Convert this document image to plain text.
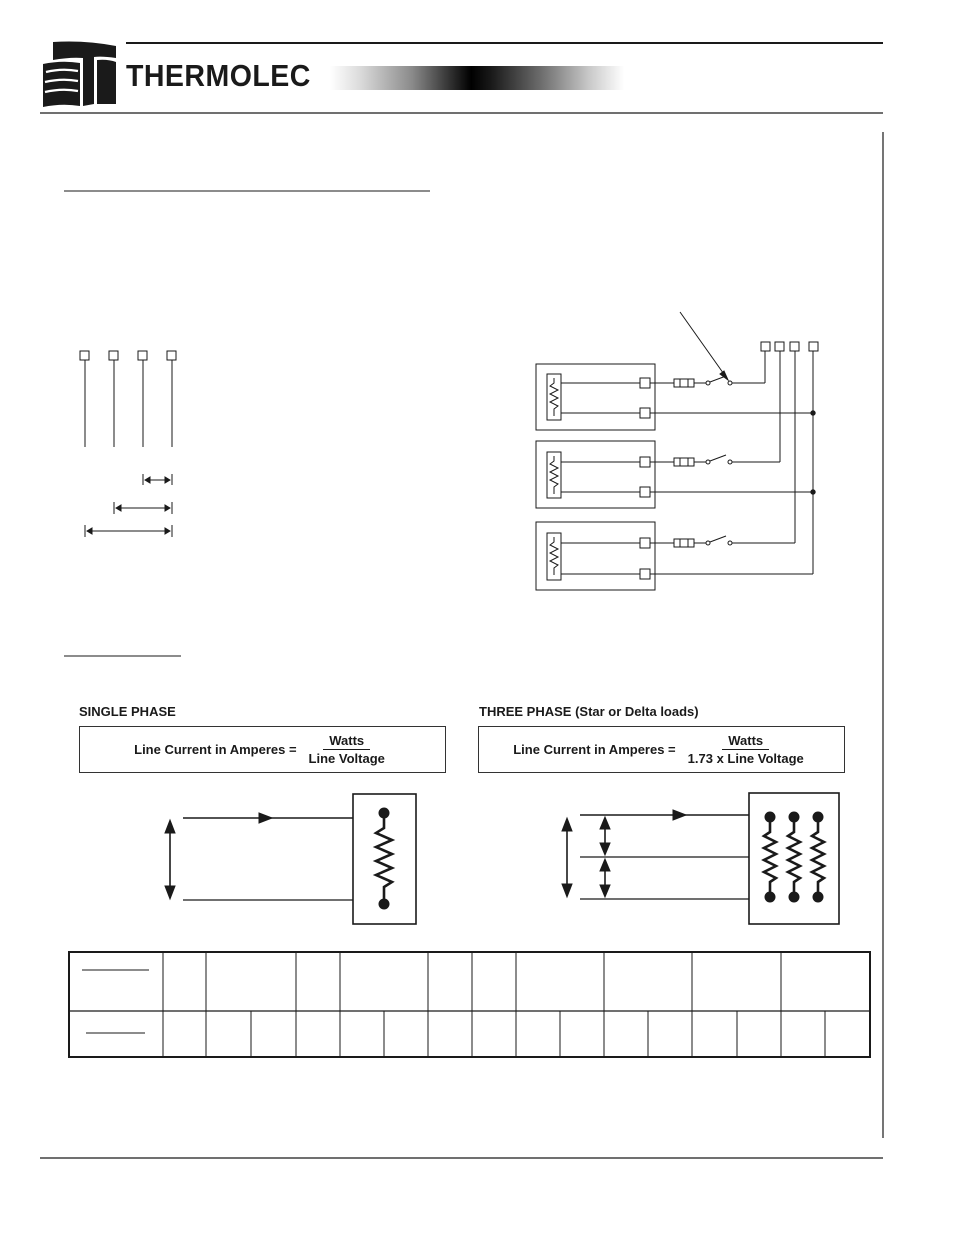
THERMOLEC
SINGLE PHASE
Line Current in Amperes = $\frac{\text{Watts}}{\text{Line Voltage}}$
THREE PHASE (Star or Delta loads)
Line Current in Amperes = $\frac{\text{Watts}}{\text{1.73 x Line Voltage}}$
